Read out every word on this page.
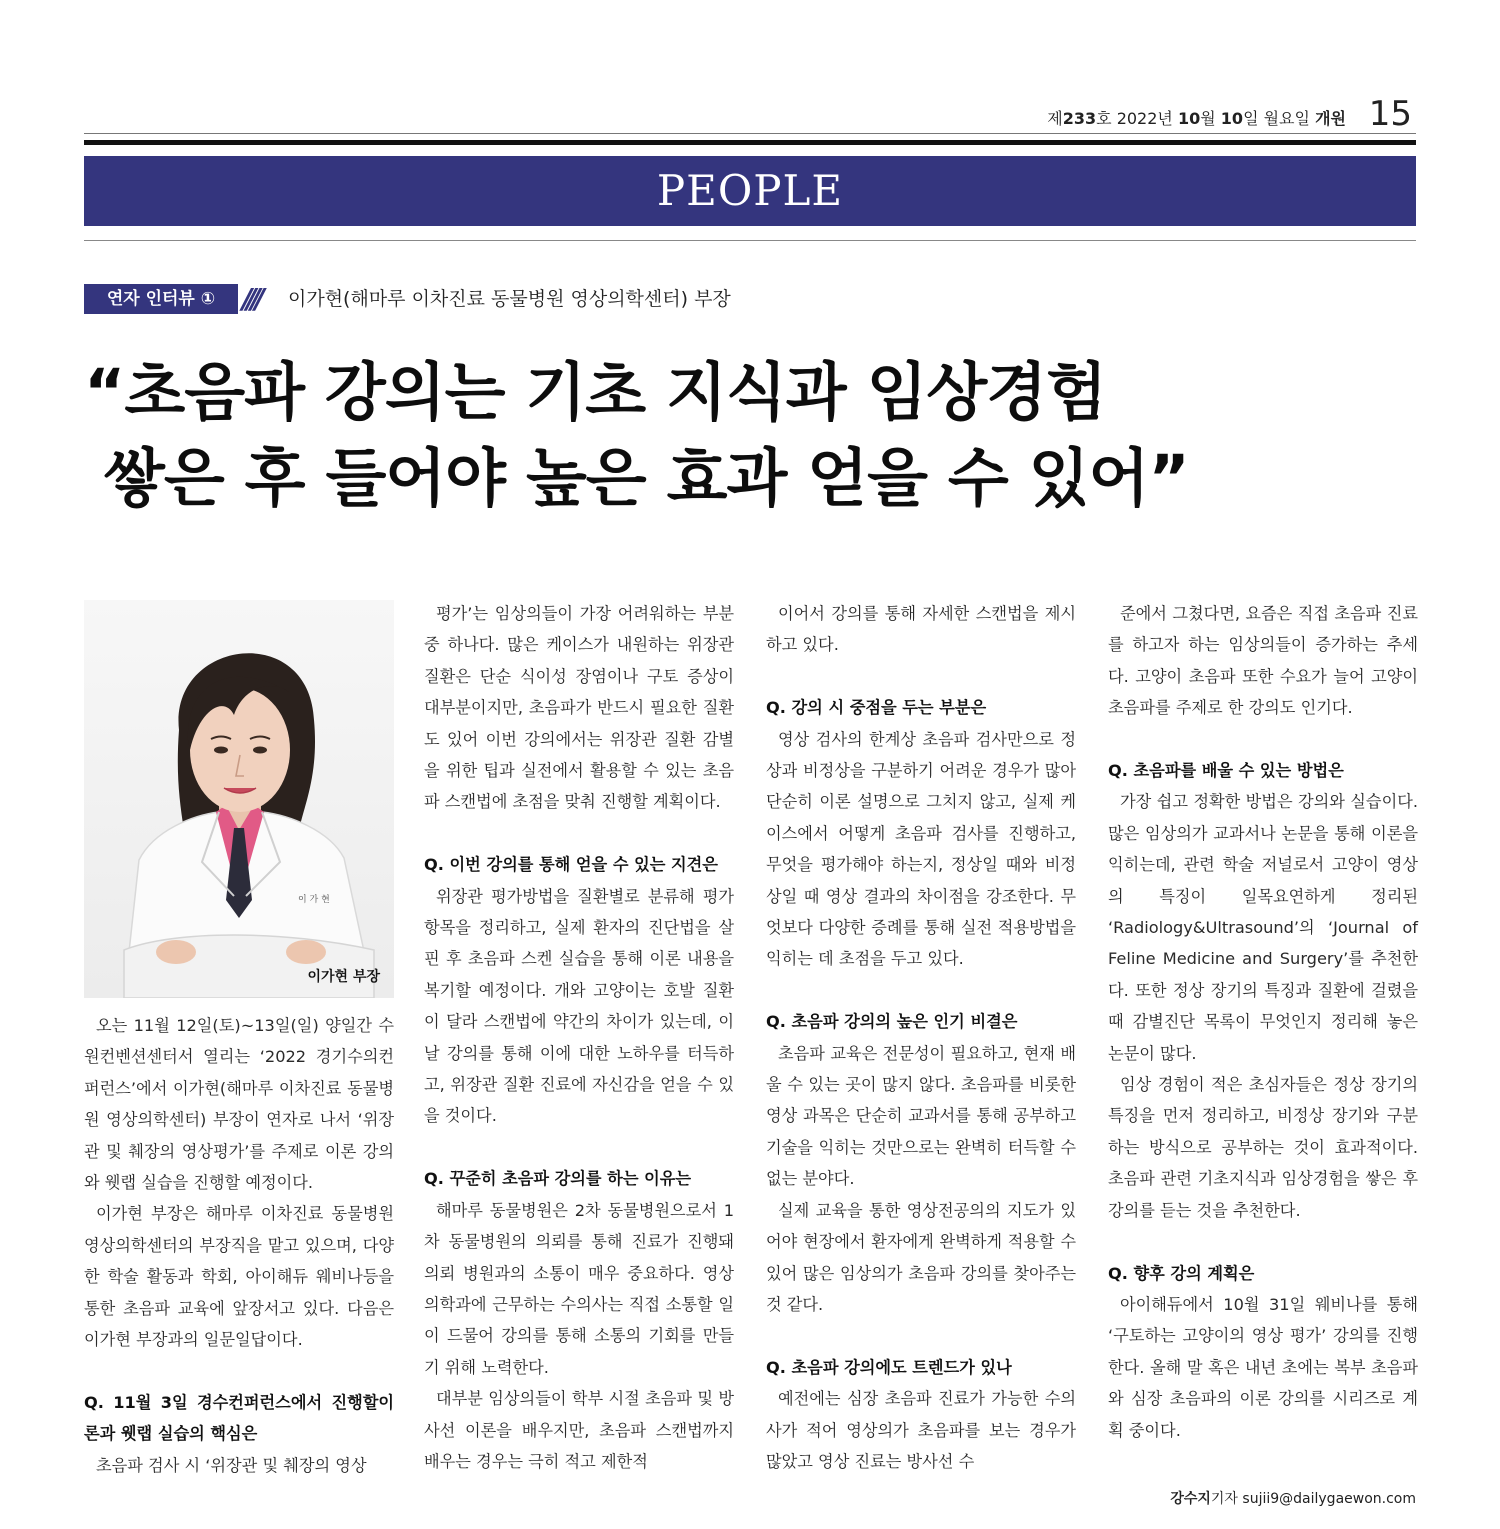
제233호 2022년 10월 10일 월요일 개원 15
PEOPLE
연자 인터뷰 ① //// 이가현(해마루 이차진료 동물병원 영상의학센터) 부장
“초음파 강의는 기초 지식과 임상경험
쌓은 후 들어야 높은 효과 얻을 수 있어”
이 가 현
이가현 부장

오는 11월 12일(토)~13일(일) 양일간 수원컨벤션센터서 열리는 ‘2022 경기수의컨퍼런스’에서 이가현(해마루 이차진료 동물병원 영상의학센터) 부장이 연자로 나서 ‘위장관 및 췌장의 영상평가’를 주제로 이론 강의와 웻랩 실습을 진행할 예정이다.

이가현 부장은 해마루 이차진료 동물병원 영상의학센터의 부장직을 맡고 있으며, 다양한 학술 활동과 학회, 아이해듀 웨비나등을 통한 초음파 교육에 앞장서고 있다. 다음은 이가현 부장과의 일문일답이다.

Q. 11월 3일 경수컨퍼런스에서 진행할이론과 웻랩 실습의 핵심은

초음파 검사 시 ‘위장관 및 췌장의 영상

평가’는 임상의들이 가장 어려워하는 부분 중 하나다. 많은 케이스가 내원하는 위장관 질환은 단순 식이성 장염이나 구토 증상이 대부분이지만, 초음파가 반드시 필요한 질환도 있어 이번 강의에서는 위장관 질환 감별을 위한 팁과 실전에서 활용할 수 있는 초음파 스캔법에 초점을 맞춰 진행할 계획이다.

Q. 이번 강의를 통해 얻을 수 있는 지견은

위장관 평가방법을 질환별로 분류해 평가 항목을 정리하고, 실제 환자의 진단법을 살핀 후 초음파 스켄 실습을 통해 이론 내용을 복기할 예정이다. 개와 고양이는 호발 질환이 달라 스캔법에 약간의 차이가 있는데, 이날 강의를 통해 이에 대한 노하우를 터득하고, 위장관 질환 진료에 자신감을 얻을 수 있을 것이다.

Q. 꾸준히 초음파 강의를 하는 이유는

해마루 동물병원은 2차 동물병원으로서 1차 동물병원의 의뢰를 통해 진료가 진행돼 의뢰 병원과의 소통이 매우 중요하다. 영상의학과에 근무하는 수의사는 직접 소통할 일이 드물어 강의를 통해 소통의 기회를 만들기 위해 노력한다.

대부분 임상의들이 학부 시절 초음파 및 방사선 이론을 배우지만, 초음파 스캔법까지 배우는 경우는 극히 적고 제한적

이어서 강의를 통해 자세한 스캔법을 제시하고 있다.

Q. 강의 시 중점을 두는 부분은

영상 검사의 한계상 초음파 검사만으로 정상과 비정상을 구분하기 어려운 경우가 많아 단순히 이론 설명으로 그치지 않고, 실제 케이스에서 어떻게 초음파 검사를 진행하고, 무엇을 평가해야 하는지, 정상일 때와 비정상일 때 영상 결과의 차이점을 강조한다. 무엇보다 다양한 증례를 통해 실전 적용방법을 익히는 데 초점을 두고 있다.

Q. 초음파 강의의 높은 인기 비결은

초음파 교육은 전문성이 필요하고, 현재 배울 수 있는 곳이 많지 않다. 초음파를 비롯한 영상 과목은 단순히 교과서를 통해 공부하고 기술을 익히는 것만으로는 완벽히 터득할 수 없는 분야다.

실제 교육을 통한 영상전공의의 지도가 있어야 현장에서 환자에게 완벽하게 적용할 수 있어 많은 임상의가 초음파 강의를 찾아주는 것 같다.

Q. 초음파 강의에도 트렌드가 있나

예전에는 심장 초음파 진료가 가능한 수의사가 적어 영상의가 초음파를 보는 경우가 많았고 영상 진료는 방사선 수

준에서 그쳤다면, 요즘은 직접 초음파 진료를 하고자 하는 임상의들이 증가하는 추세다. 고양이 초음파 또한 수요가 늘어 고양이 초음파를 주제로 한 강의도 인기다.

Q. 초음파를 배울 수 있는 방법은

가장 쉽고 정확한 방법은 강의와 실습이다. 많은 임상의가 교과서나 논문을 통해 이론을 익히는데, 관련 학술 저널로서 고양이 영상의 특징이 일목요연하게 정리된 ‘Radiology&Ultrasound’의 ‘Journal of Feline Medicine and Surgery’를 추천한다. 또한 정상 장기의 특징과 질환에 걸렸을 때 감별진단 목록이 무엇인지 정리해 놓은 논문이 많다.

임상 경험이 적은 초심자들은 정상 장기의 특징을 먼저 정리하고, 비정상 장기와 구분하는 방식으로 공부하는 것이 효과적이다. 초음파 관련 기초지식과 임상경험을 쌓은 후 강의를 듣는 것을 추천한다.

Q. 향후 강의 계획은

아이해듀에서 10월 31일 웨비나를 통해 ‘구토하는 고양이의 영상 평가’ 강의를 진행한다. 올해 말 혹은 내년 초에는 복부 초음파와 심장 초음파의 이론 강의를 시리즈로 계획 중이다.

강수지기자 sujii9@dailygaewon.com
